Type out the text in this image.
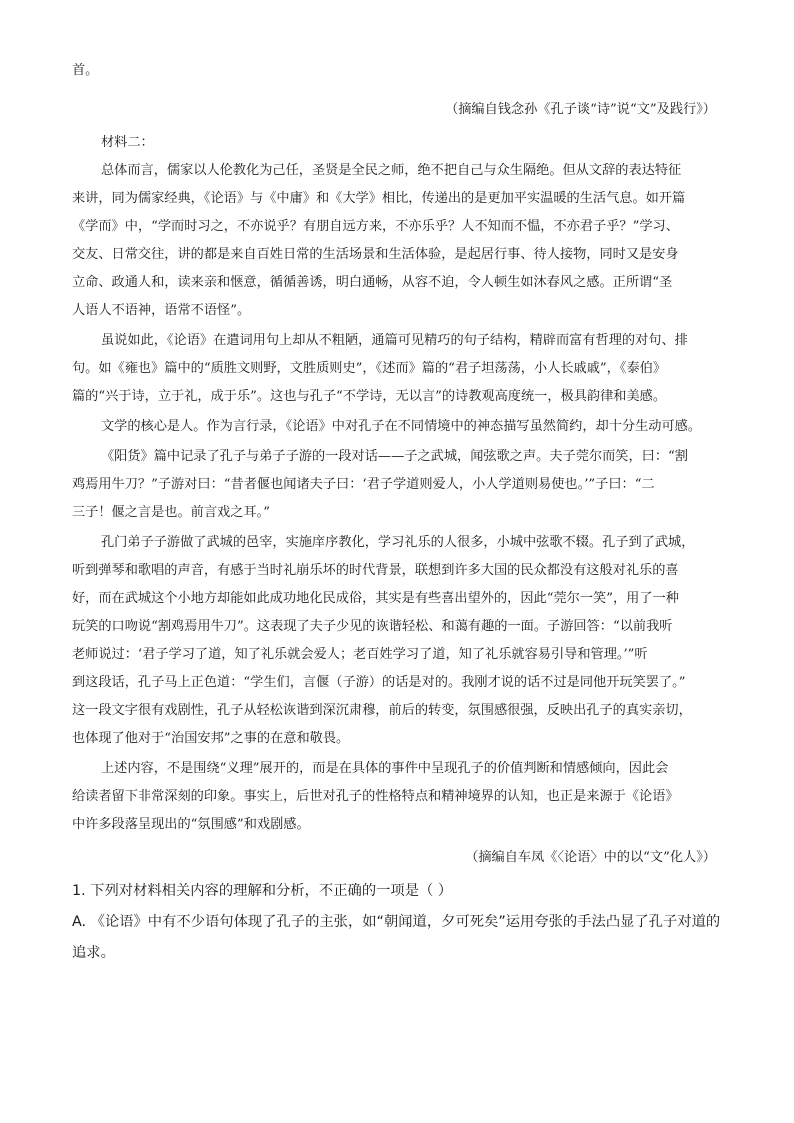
首。
（摘编自钱念孙《孔子谈“诗”说“文”及践行》）
材料二：
总体而言，儒家以人伦教化为己任，圣贤是全民之师，绝不把自己与众生隔绝。但从文辞的表达特征
来讲，同为儒家经典，《论语》与《中庸》和《大学》相比，传递出的是更加平实温暖的生活气息。如开篇
《学而》中，“学而时习之，不亦说乎？有朋自远方来，不亦乐乎？人不知而不愠，不亦君子乎？”学习、
交友、日常交往，讲的都是来自百姓日常的生活场景和生活体验，是起居行事、待人接物，同时又是安身
立命、政通人和，读来亲和惬意，循循善诱，明白通畅，从容不迫，令人顿生如沐春风之感。正所谓“圣
人语人不语神，语常不语怪”。
虽说如此，《论语》在遣词用句上却从不粗陋，通篇可见精巧的句子结构，精辟而富有哲理的对句、排
句。如《雍也》篇中的“质胜文则野，文胜质则史”，《述而》篇的“君子坦荡荡，小人长戚戚”，《泰伯》
篇的“兴于诗，立于礼，成于乐”。这也与孔子“不学诗，无以言”的诗教观高度统一，极具韵律和美感。
文学的核心是人。作为言行录，《论语》中对孔子在不同情境中的神态描写虽然简约，却十分生动可感。
《阳货》篇中记录了孔子与弟子子游的一段对话——子之武城，闻弦歌之声。夫子莞尔而笑，曰：“割
鸡焉用牛刀？”子游对曰：“昔者偃也闻诸夫子曰：‘君子学道则爱人，小人学道则易使也。’”子曰：“二
三子！偃之言是也。前言戏之耳。”
孔门弟子子游做了武城的邑宰，实施庠序教化，学习礼乐的人很多，小城中弦歌不辍。孔子到了武城，
听到弹琴和歌唱的声音，有感于当时礼崩乐坏的时代背景，联想到许多大国的民众都没有这般对礼乐的喜
好，而在武城这个小地方却能如此成功地化民成俗，其实是有些喜出望外的，因此“莞尔一笑”，用了一种
玩笑的口吻说“割鸡焉用牛刀”。这表现了夫子少见的诙谐轻松、和蔼有趣的一面。子游回答：“以前我听
老师说过：‘君子学习了道，知了礼乐就会爱人；老百姓学习了道，知了礼乐就容易引导和管理。’”听
到这段话，孔子马上正色道：“学生们，言偃（子游）的话是对的。我刚才说的话不过是同他开玩笑罢了。”
这一段文字很有戏剧性，孔子从轻松诙谐到深沉肃穆，前后的转变，氛围感很强，反映出孔子的真实亲切，
也体现了他对于“治国安邦”之事的在意和敬畏。
上述内容，不是围绕“义理”展开的，而是在具体的事件中呈现孔子的价值判断和情感倾向，因此会
给读者留下非常深刻的印象。事实上，后世对孔子的性格特点和精神境界的认知，也正是来源于《论语》
中许多段落呈现出的“氛围感”和戏剧感。
（摘编自车凤《〈论语〉中的以“文”化人》）
1. 下列对材料相关内容的理解和分析，不正确的一项是（ ）
A. 《论语》中有不少语句体现了孔子的主张，如“朝闻道，夕可死矣”运用夸张的手法凸显了孔子对道的
追求。
